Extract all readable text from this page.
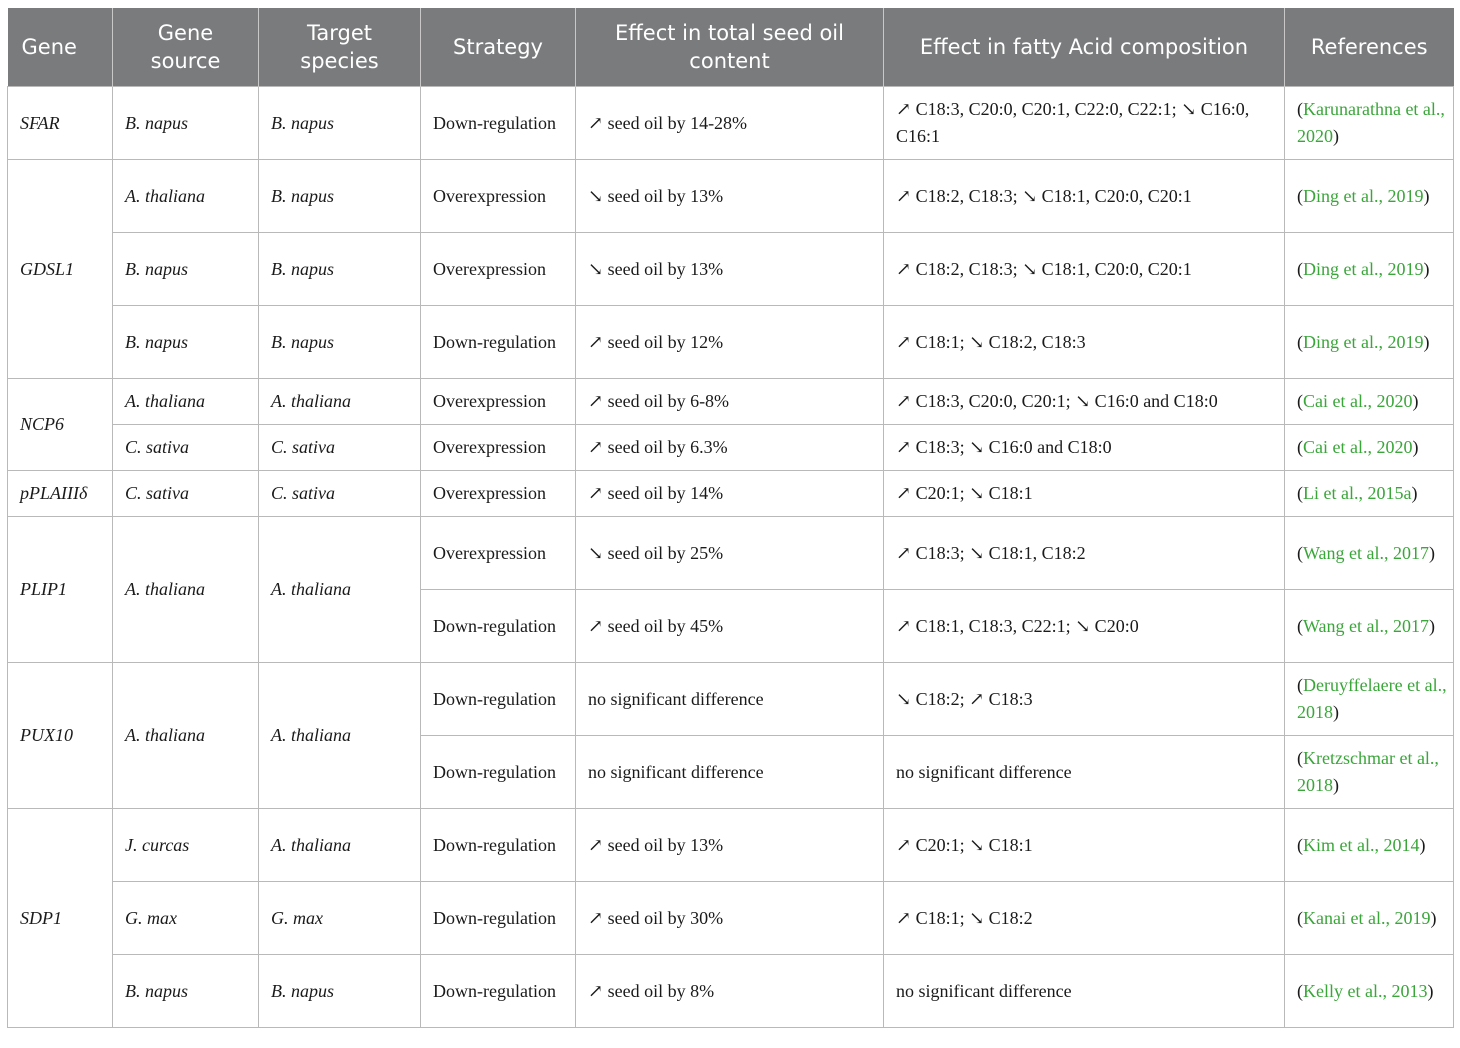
Gene	Gene source	Target species	Strategy	Effect in total seed oil content	Effect in fatty Acid composition	References
SFAR	B. napus	B. napus	Down-regulation	↗ seed oil by 14-28%	↗ C18:3, C20:0, C20:1, C22:0, C22:1; ↘ C16:0, C16:1	(Karunarathna et al., 2020)
GDSL1	A. thaliana	B. napus	Overexpression	↘ seed oil by 13%	↗ C18:2, C18:3; ↘ C18:1, C20:0, C20:1	(Ding et al., 2019)
	B. napus	B. napus	Overexpression	↘ seed oil by 13%	↗ C18:2, C18:3; ↘ C18:1, C20:0, C20:1	(Ding et al., 2019)
	B. napus	B. napus	Down-regulation	↗ seed oil by 12%	↗ C18:1; ↘ C18:2, C18:3	(Ding et al., 2019)
NCP6	A. thaliana	A. thaliana	Overexpression	↗ seed oil by 6-8%	↗ C18:3, C20:0, C20:1; ↘ C16:0 and C18:0	(Cai et al., 2020)
	C. sativa	C. sativa	Overexpression	↗ seed oil by 6.3%	↗ C18:3; ↘ C16:0 and C18:0	(Cai et al., 2020)
pPLAIIIδ	C. sativa	C. sativa	Overexpression	↗ seed oil by 14%	↗ C20:1; ↘ C18:1	(Li et al., 2015a)
PLIP1	A. thaliana	A. thaliana	Overexpression	↘ seed oil by 25%	↗ C18:3; ↘ C18:1, C18:2	(Wang et al., 2017)
			Down-regulation	↗ seed oil by 45%	↗ C18:1, C18:3, C22:1; ↘ C20:0	(Wang et al., 2017)
PUX10	A. thaliana	A. thaliana	Down-regulation	no significant difference	↘ C18:2; ↗ C18:3	(Deruyffelaere et al., 2018)
			Down-regulation	no significant difference	no significant difference	(Kretzschmar et al., 2018)
SDP1	J. curcas	A. thaliana	Down-regulation	↗ seed oil by 13%	↗ C20:1; ↘ C18:1	(Kim et al., 2014)
	G. max	G. max	Down-regulation	↗ seed oil by 30%	↗ C18:1; ↘ C18:2	(Kanai et al., 2019)
	B. napus	B. napus	Down-regulation	↗ seed oil by 8%	no significant difference	(Kelly et al., 2013)
